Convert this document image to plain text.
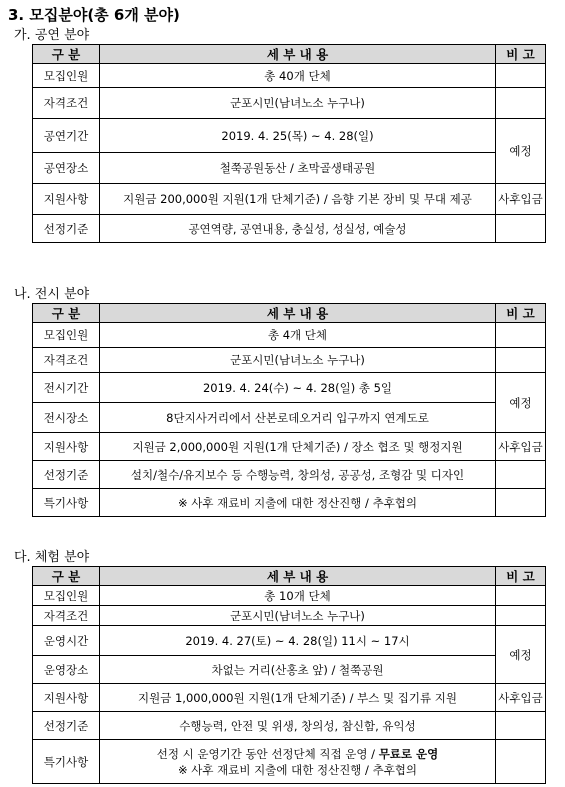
3. 모집분야(총 6개 분야)
가. 공연 분야
구 분	세 부 내 용	비 고
모집인원	총 40개 단체	
자격조건	군포시민(남녀노소 누구나)	
공연기간	2019. 4. 25(목) ~ 4. 28(일)	예정
공연장소	철쭉공원동산 / 초막골생태공원	
지원사항	지원금 200,000원 지원(1개 단체기준) / 음향 기본 장비 및 무대 제공	사후입금
선정기준	공연역량, 공연내용, 충실성, 성실성, 예술성	
나. 전시 분야
구 분	세 부 내 용	비 고
모집인원	총 4개 단체	
자격조건	군포시민(남녀노소 누구나)	
전시기간	2019. 4. 24(수) ~ 4. 28(일) 총 5일	예정
전시장소	8단지사거리에서 산본로데오거리 입구까지 연계도로	
지원사항	지원금 2,000,000원 지원(1개 단체기준) / 장소 협조 및 행정지원	사후입금
선정기준	설치/철수/유지보수 등 수행능력, 창의성, 공공성, 조형감 및 디자인	
특기사항	※ 사후 재료비 지출에 대한 정산진행 / 추후협의	
다. 체험 분야
구 분	세 부 내 용	비 고
모집인원	총 10개 단체	
자격조건	군포시민(남녀노소 누구나)	
운영시간	2019. 4. 27(토) ~ 4. 28(일) 11시 ~ 17시	예정
운영장소	차없는 거리(산홍초 앞) / 철쭉공원	
지원사항	지원금 1,000,000원 지원(1개 단체기준) / 부스 및 집기류 지원	사후입금
선정기준	수행능력, 안전 및 위생, 창의성, 참신함, 유익성	
특기사항	선정 시 운영기간 동안 선정단체 직접 운영 / 무료로 운영
※ 사후 재료비 지출에 대한 정산진행 / 추후협의	
